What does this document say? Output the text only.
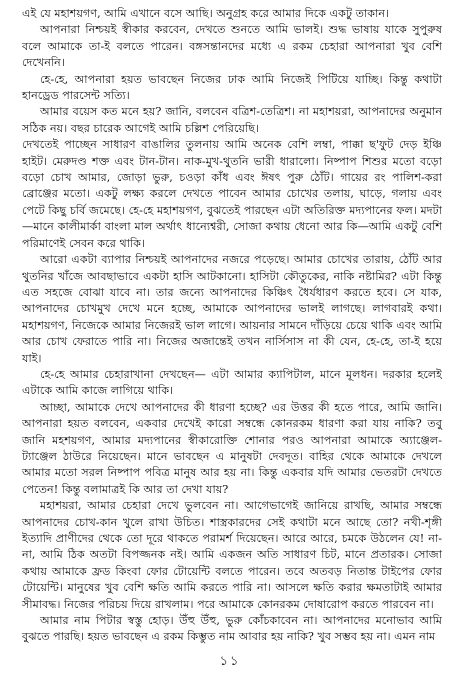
এই যে মহাশয়গণ, আমি এখানে বসে আছি। অনুগ্রহ করে আমার দিকে একটু তাকান।

আপনারা নিশ্চয়ই স্বীকার করবেন, দেখতে শুনতে আমি ভালই। শুদ্ধ ভাষায় যাকে সুপুরুষ বলে আমাকে তা-ই বলতে পারেন। বঙ্গসন্তানদের মধ্যে এ রকম চেহারা আপনারা খুব বেশি দেখেননি।

হে-হে, আপনারা হয়ত ভাবছেন নিজের ঢাক আমি নিজেই পিটিয়ে যাচ্ছি। কিন্তু কথাটা হানড্রেড পারসেন্ট সত্যি।

আমার বয়েস কত মনে হয়? জানি, বলবেন বত্রিশ-তেত্রিশ। না মহাশয়রা, আপনাদের অনুমান সঠিক নয়। বছর চারেক আগেই আমি চল্লিশ পেরিয়েছি।

দেখতেই পাচ্ছেন সাধারণ বাঙালির তুলনায় আমি অনেক বেশি লম্বা, পাক্কা ছ'ফুট দেড় ইঞ্চি হাইট। মেরুদণ্ড শক্ত এবং টান-টান। নাক-মুখ-থুতনি ভারী ধারালো। নিষ্পাপ শিশুর মতো বড়ো বড়ো চোখ আমার, জোড়া ভুরু, চওড়া কাঁধ এবং ঈষৎ পুরু ঠোঁট। গায়ের রং পালিশ-করা ব্রোঞ্জের মতো। একটু লক্ষ্য করলে দেখতে পাবেন আমার চোখের তলায়, ঘাড়ে, গলায় এবং পেটে কিছু চর্বি জমেছে। হে-হে মহাশয়গণ, বুঝতেই পারছেন এটা অতিরিক্ত মদ্যপানের ফল। মদটা—মানে কালীমার্কা বাংলা মাল অর্থাৎ ধান্যেশ্বরী, সোজা কথায় ধেনো আর কি—আমি একটু বেশি পরিমাণেই সেবন করে থাকি।

আরো একটা ব্যাপার নিশ্চয়ই আপনাদের নজরে পড়েছে। আমার চোখের তারায়, ঠোঁট আর থুতনির খাঁজে আবছাভাবে একটা হাসি আটকানো। হাসিটা কৌতুকের, নাকি নষ্টামির? এটা কিন্তু এত সহজে বোঝা যাবে না। তার জন্যে আপনাদের কিঞ্চিৎ ধৈর্যধারণ করতে হবে। সে যাক, আপনাদের চোখমুখ দেখে মনে হচ্ছে, আমাকে আপনাদের ভালই লাগছে। লাগবারই কথা। মহাশয়গণ, নিজেকে আমার নিজেরই ভাল লাগে। আয়নার সামনে দাঁড়িয়ে চেয়ে থাকি এবং আমি আর চোখ ফেরাতে পারি না। নিজের অজান্তেই তখন নার্সিসাস না কী যেন, হে-হে, তা-ই হয়ে যাই।

হে-হে আমার চেহারাখানা দেখছেন— এটা আমার ক্যাপিটাল, মানে মূলধন। দরকার হলেই এটাকে আমি কাজে লাগিয়ে থাকি।

আচ্ছা, আমাকে দেখে আপনাদের কী ধারণা হচ্ছে? এর উত্তর কী হতে পারে, আমি জানি। আপনারা হয়ত বলবেন, একবার দেখেই কারো সম্বন্ধে কোনরকম ধারণা করা যায় নাকি? তবু জানি মহশয়গণ, আমার মদ্যপানের স্বীকারোক্তি শোনার পরও আপনারা আমাকে অ্যাঞ্জেল-ট্যাঞ্জেল ঠাউরে নিয়েছেন। মানে ভাবছেন এ মানুষটা দেবদূত। বাহির থেকে আমাকে দেখলে আমার মতো সরল নিষ্পাপ পবিত্র মানুষ আর হয় না। কিন্তু একবার যদি আমার ভেতরটা দেখতে পেতেন! কিন্তু বলামাত্রই কি আর তা দেখা যায়?

মহাশয়রা, আমার চেহারা দেখে ভুলবেন না। আগেভাগেই জানিয়ে রাখছি, আমার সম্বন্ধে আপনাদের চোখ-কান খুলে রাখা উচিত। শাস্ত্রকারদের সেই কথাটা মনে আছে তো? নখী-শৃঙ্গী ইত্যাদি প্রাণীদের থেকে তো দূরে থাকতে পরামর্শ দিয়েছেন। আরে আরে, চমকে উঠলেন যে! না-না, আমি ঠিক অতটা বিপজ্জনক নই। আমি একজন অতি সাধারণ চিট, মানে প্রতারক। সোজা কথায় আমাকে ফ্রড কিংবা ফোর টোয়েন্টি বলতে পারেন। তবে অতবড় নিতান্ত টাইপের ফোর টোয়েন্টি। মানুষের খুব বেশি ক্ষতি আমি করতে পারি না। আসলে ক্ষতি করার ক্ষমতাটাই আমার সীমাবদ্ধ। নিজের পরিচয় দিয়ে রাখলাম। পরে আমাকে কোনরকম দোষারোপ করতে পারবেন না।

আমার নাম পিটার স্বস্তু হোড়। উঁহু উঁহু, ভুরু কোঁচকাবেন না। আপনাদের মনোভাব আমি বুঝতে পারছি। হয়ত ভাবছেন এ রকম কিম্ভুত নাম আবার হয় নাকি? খুব সম্ভব হয় না। এমন নাম

১১
